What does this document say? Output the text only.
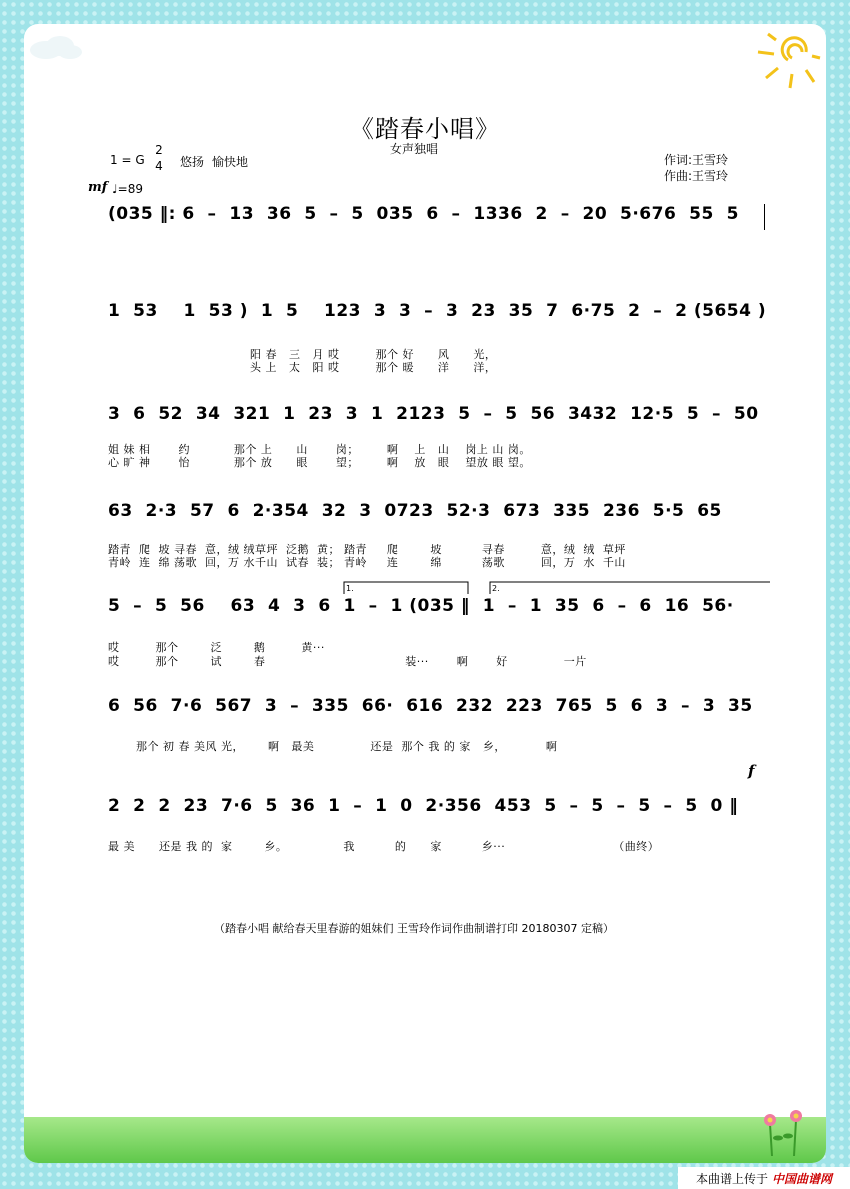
《踏春小唱》
女声独唱
1 = G
2
4 悠扬 愉快地	作词:王雪玲
作曲:王雪玲
mf ♩=89
(035 ‖: 6  –  13  36  5  –  5  035  6  –  1336  2  –  20  5·676  55  5
1  53    1  53 )  1  5    123  3  3  –  3  23  35  7  6·75  2  –  2 (5654 )
阳 春   三   月 哎         那个 好      风      光，
头 上   太   阳 哎         那个 暖      洋      洋，
3  6  52  34  321  1  23  3  1  2123  5  –  5  56  3432  12·5  5  –  50
姐 妹 相       约           那个 上      山       岗；       啊    上   山    岗上 山 岗。
心 旷 神       怡           那个 放      眼       望；       啊    放   眼    望放 眼 望。
63  2·3  57  6  2·354  32  3  0723  52·3  673  335  236  5·5  65
踏青  爬  坡 寻春  意，绒 绒草坪  泛鹅  黄； 踏青     爬        坡          寻春         意，绒  绒  草坪
青岭  连  绵 荡歌  回，万 水千山  试春  装； 青岭     连        绵          荡歌         回，万  水  千山
1.	2.
5  –  5  56    63  4  3  6  1  –  1 (035 ‖  1  –  1  35  6  –  6  16  56·
哎         那个        泛        鹅         黄···
哎         那个        试        春                                   装···       啊       好              一片
6  56  7·6  567  3  –  335  66·  616  232  223  765  5  6  3  –  3  35
那个 初 春 美风 光，      啊   最美              还是  那个 我 的 家   乡，          啊
f
2  2  2  23  7·6  5  36  1  –  1  0  2·356  453  5  –  5  –  5  –  5  0 ‖
最 美      还是 我 的  家        乡。              我          的      家          乡···                           （曲终）
（踏春小唱 献给春天里春游的姐妹们 王雪玲作词作曲制谱打印 20180307 定稿）
本曲谱上传于 中国曲谱网
